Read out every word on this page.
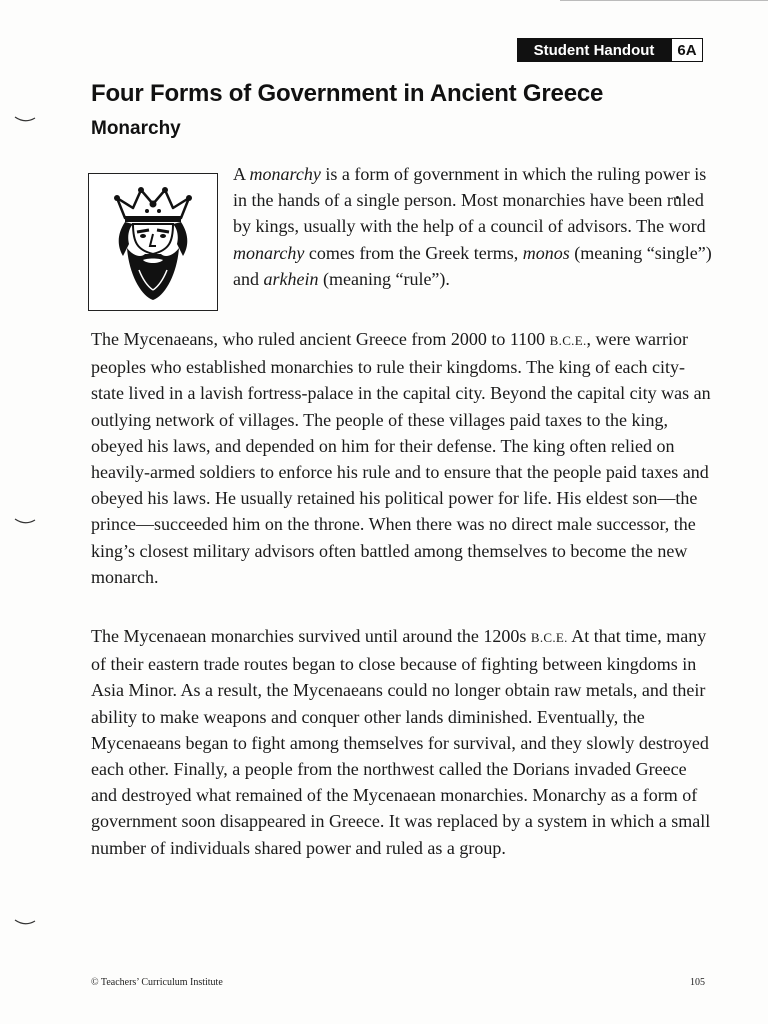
Student Handout	6A
Four Forms of Government in Ancient Greece
Monarchy

A monarchy is a form of government in which the ruling power is in the hands of a single person. Most monarchies have been ruled by kings, usually with the help of a council of advisors. The word monarchy comes from the Greek terms, monos (meaning “single”) and arkhein (meaning “rule”).

The Mycenaeans, who ruled ancient Greece from 2000 to 1100 B.C.E., were warrior peoples who established monarchies to rule their kingdoms. The king of each city-state lived in a lavish fortress-palace in the capital city. Beyond the capital city was an outlying network of villages. The people of these villages paid taxes to the king, obeyed his laws, and depended on him for their defense. The king often relied on heavily-armed soldiers to enforce his rule and to ensure that the people paid taxes and obeyed his laws. He usually retained his political power for life. His eldest son—the prince—succeeded him on the throne. When there was no direct male successor, the king’s closest military advisors often battled among themselves to become the new monarch.

The Mycenaean monarchies survived until around the 1200s B.C.E. At that time, many of their eastern trade routes began to close because of fighting between kingdoms in Asia Minor. As a result, the Mycenaeans could no longer obtain raw metals, and their ability to make weapons and conquer other lands diminished. Eventually, the Mycenaeans began to fight among themselves for survival, and they slowly destroyed each other. Finally, a people from the northwest called the Dorians invaded Greece and destroyed what remained of the Mycenaean monarchies. Monarchy as a form of government soon disappeared in Greece. It was replaced by a system in which a small number of individuals shared power and ruled as a group.

© Teachers’ Curriculum Institute	105
